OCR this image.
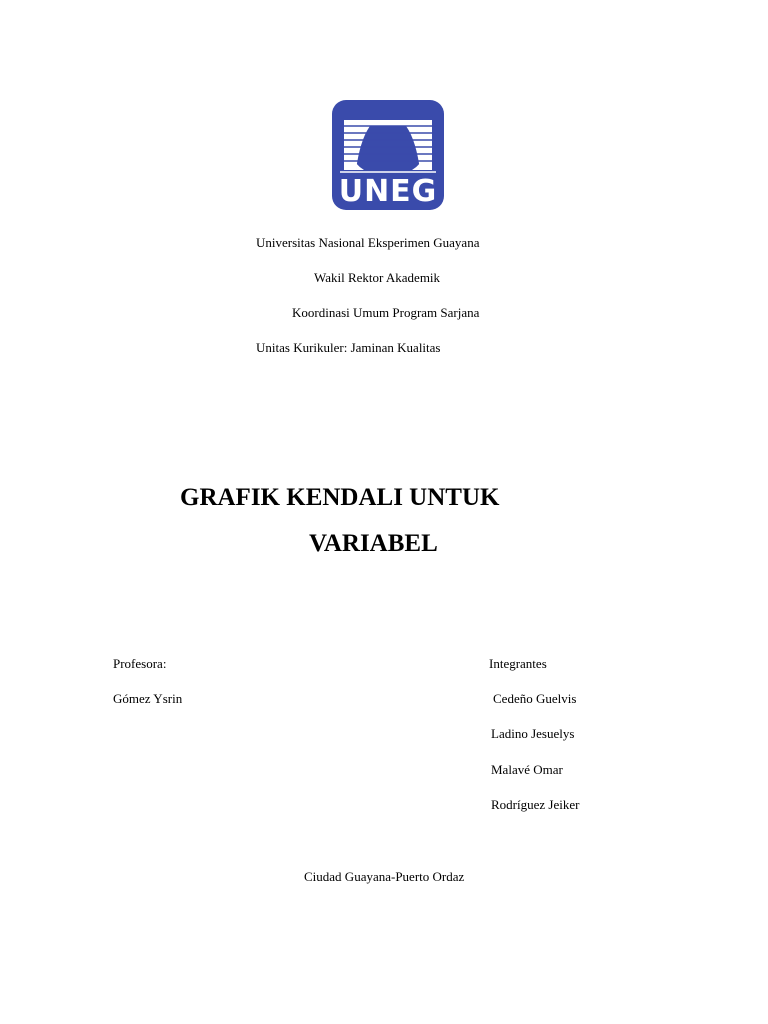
UNEG
Universitas Nasional Eksperimen Guayana
Wakil Rektor Akademik
Koordinasi Umum Program Sarjana
Unitas Kurikuler: Jaminan Kualitas
GRAFIK KENDALI UNTUK
VARIABEL
Profesora:
Gómez Ysrin
Integrantes
Cedeño Guelvis
Ladino Jesuelys
Malavé Omar
Rodríguez Jeiker
Ciudad Guayana-Puerto Ordaz
